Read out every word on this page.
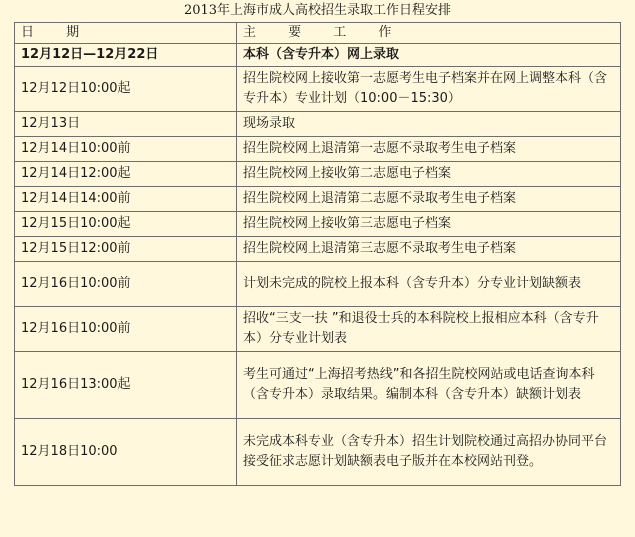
2013年上海市成人高校招生录取工作日程安排
日 期	主 要 工 作
12月12日—12月22日	本科（含专升本）网上录取
12月12日10:00起	招生院校网上接收第一志愿考生电子档案并在网上调整本科（含专升本）专业计划（10:00－15:30）
12月13日	现场录取
12月14日10:00前	招生院校网上退清第一志愿不录取考生电子档案
12月14日12:00起	招生院校网上接收第二志愿电子档案
12月14日14:00前	招生院校网上退清第二志愿不录取考生电子档案
12月15日10:00起	招生院校网上接收第三志愿电子档案
12月15日12:00前	招生院校网上退清第三志愿不录取考生电子档案
12月16日10:00前	计划未完成的院校上报本科（含专升本）分专业计划缺额表
12月16日10:00前	招收“三支一扶 ”和退役士兵的本科院校上报相应本科（含专升本）分专业计划表
12月16日13:00起	考生可通过“上海招考热线”和各招生院校网站或电话查询本科（含专升本）录取结果。编制本科（含专升本）缺额计划表
12月18日10:00	未完成本科专业（含专升本）招生计划院校通过高招办协同平台接受征求志愿计划缺额表电子版并在本校网站刊登。
